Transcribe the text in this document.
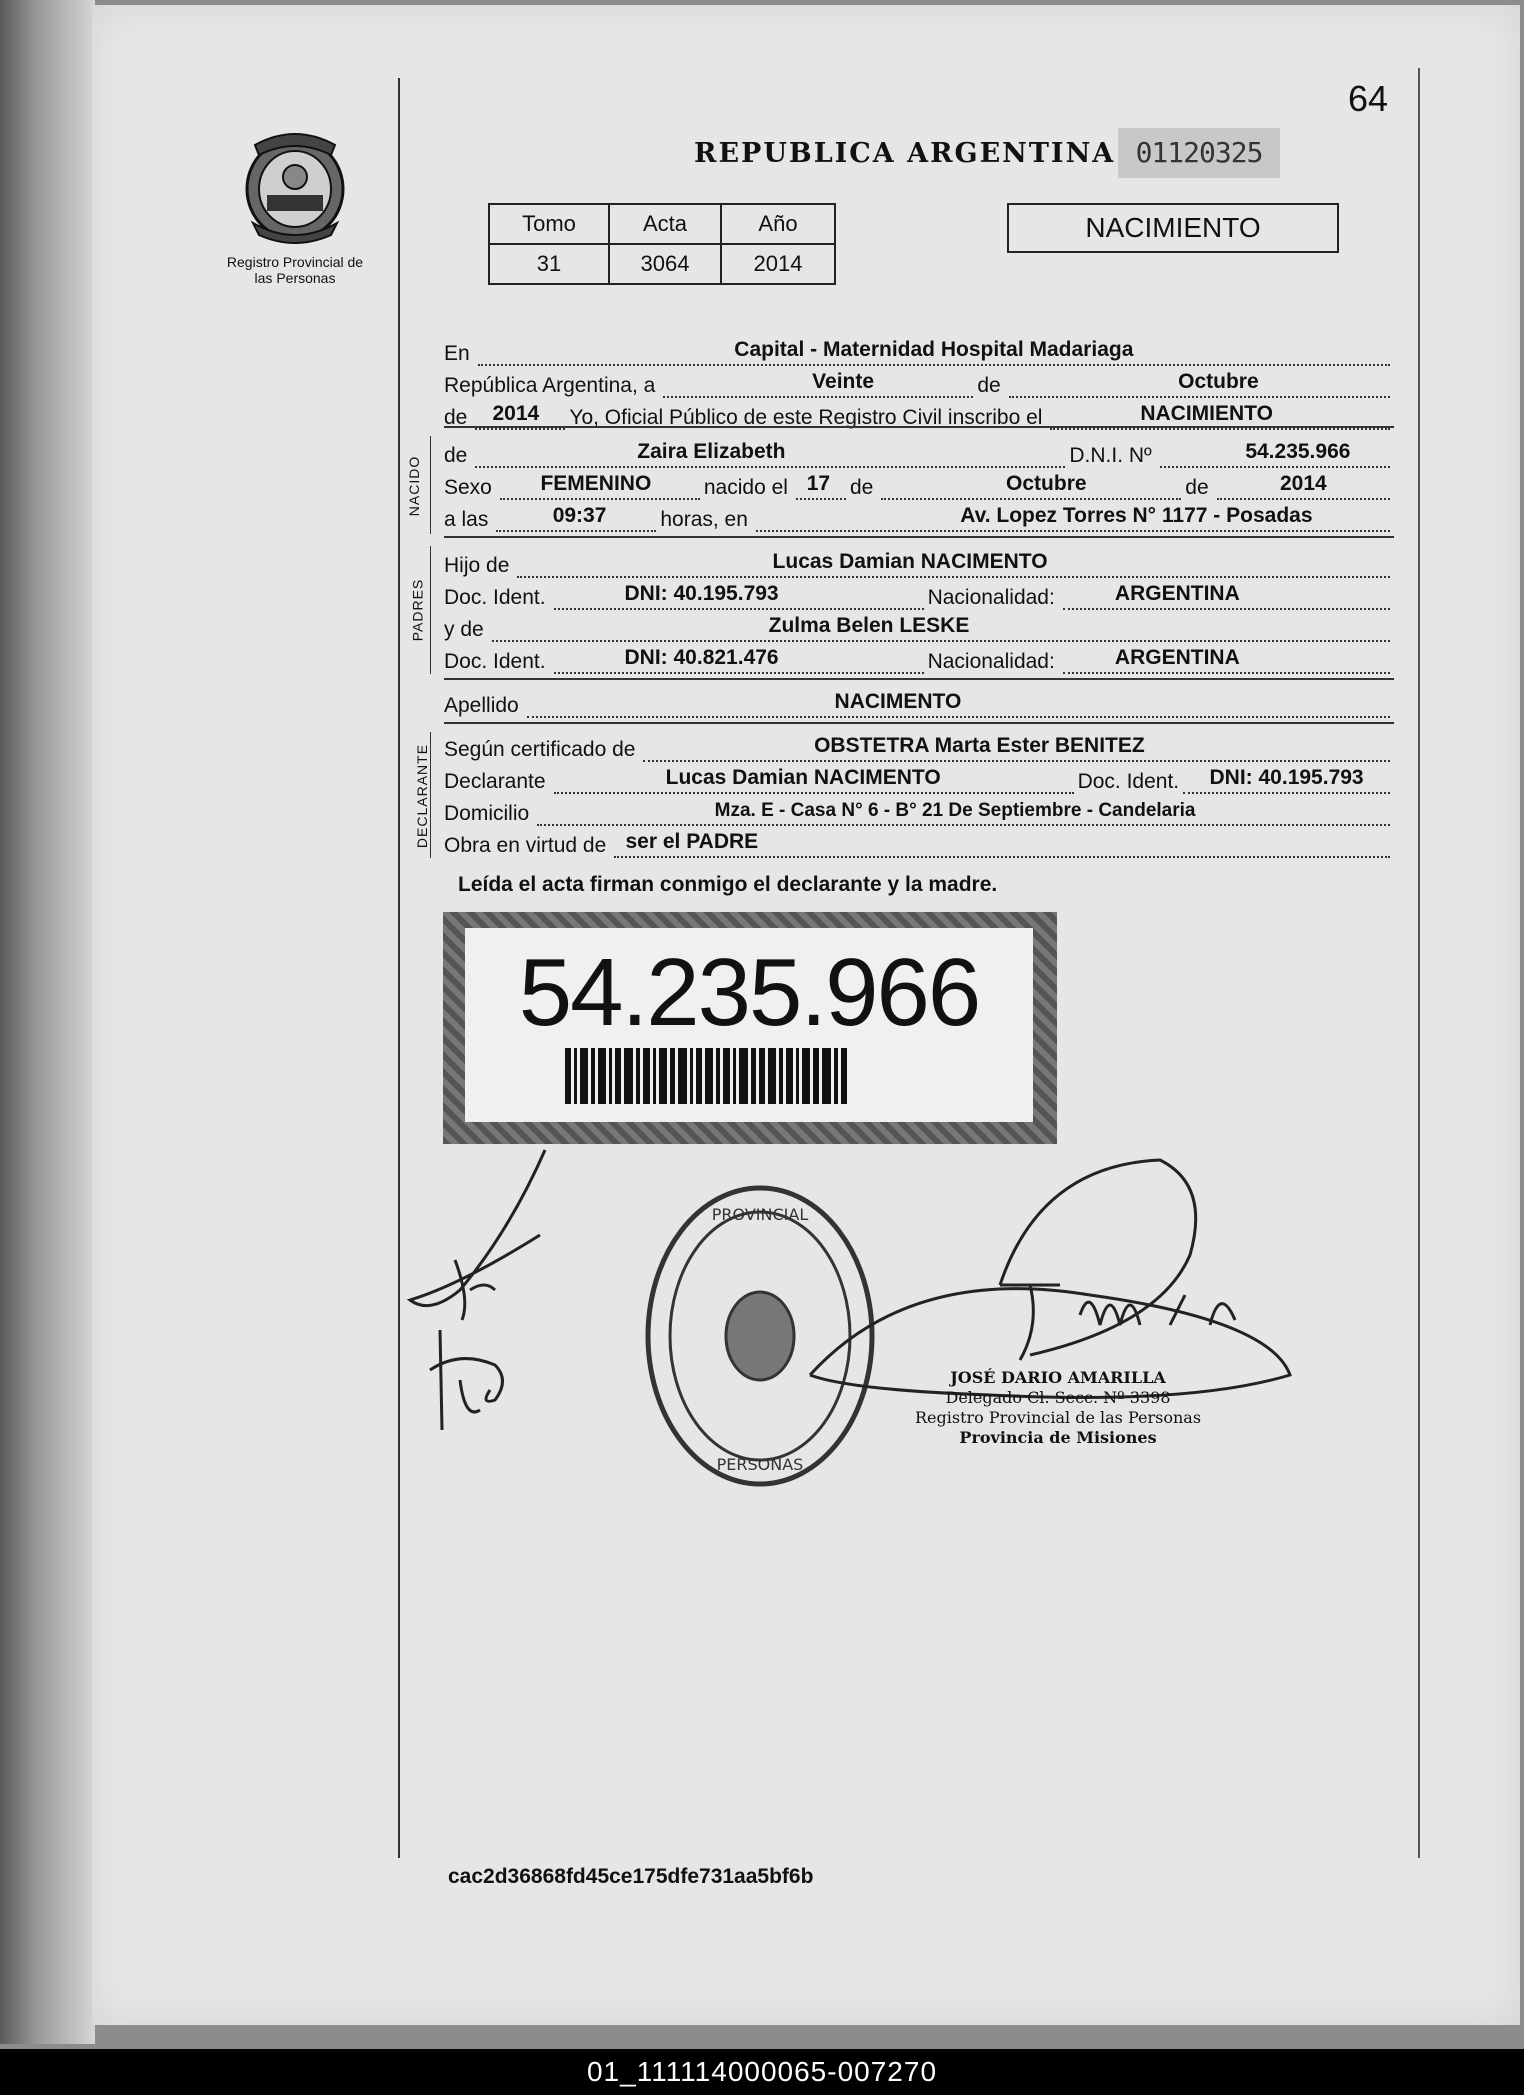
Registro Provincial de las Personas
64
REPUBLICA ARGENTINA 01120325
Tomo	Acta	Año
31	3064	2014
NACIMIENTO
En	Capital - Maternidad Hospital Madariaga
República Argentina, a	Veinte	de	Octubre
de 2014 Yo, Oficial Público de este Registro Civil inscribo el	NACIMIENTO
NACIDO
de	Zaira Elizabeth	D.N.I. Nº	54.235.966
Sexo FEMENINO	nacido el 17 de	Octubre	de	2014
a las	09:37	horas, en	Av. Lopez Torres N° 1177 - Posadas
PADRES
Hijo de	Lucas Damian NACIMENTO
Doc. Ident.	DNI: 40.195.793	Nacionalidad:	ARGENTINA
y de	Zulma Belen LESKE
Doc. Ident.	DNI: 40.821.476	Nacionalidad:	ARGENTINA
Apellido	NACIMENTO
DECLARANTE Según certificado de	OBSTETRA Marta Ester BENITEZ
Declarante	Lucas Damian NACIMENTO	Doc. Ident. DNI: 40.195.793
Domicilio	Mza. E - Casa N° 6 - B° 21 De Septiembre - Candelaria
Obra en virtud de ser el PADRE
Leída el acta firman conmigo el declarante y la madre.
54.235.966
PROVINCIAL
PERSONAS
JOSÉ DARIO AMARILLA
Delegado Cl. Secc. Nº 3398
Registro Provincial de las Personas
Provincia de Misiones
cac2d36868fd45ce175dfe731aa5bf6b
01_111114000065-007270
